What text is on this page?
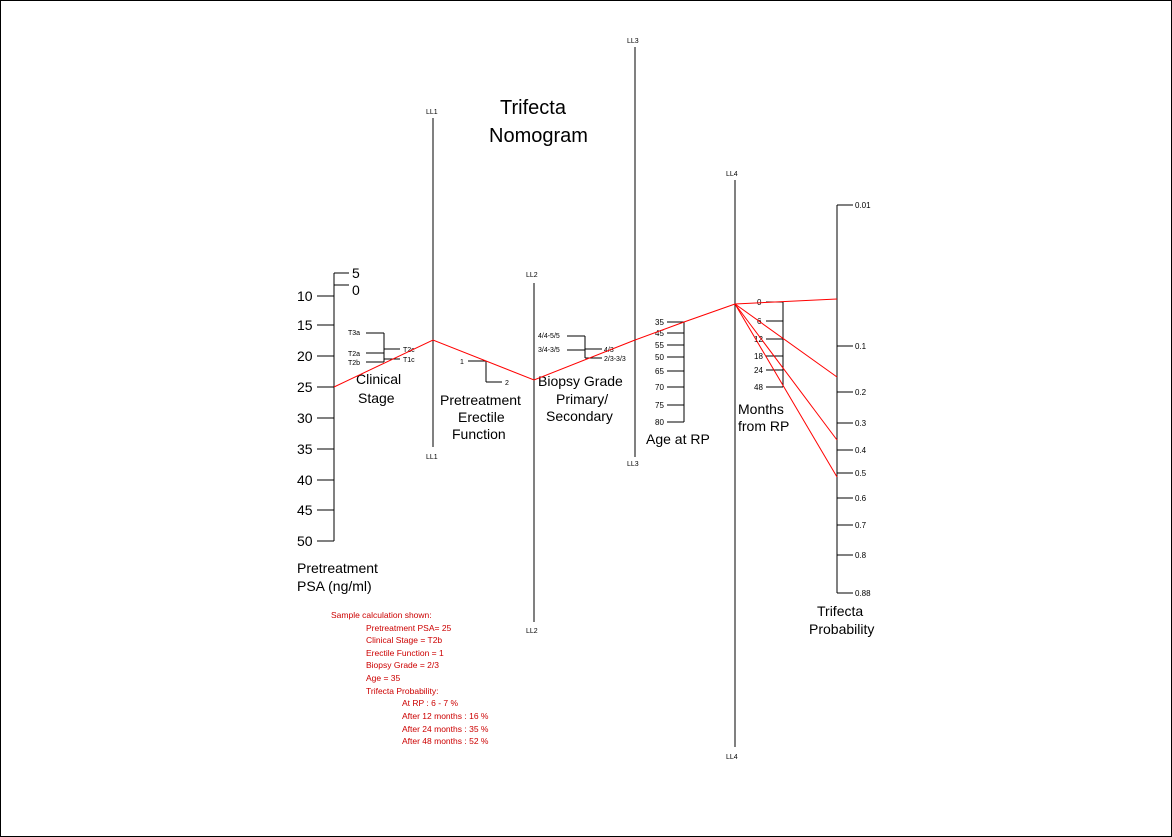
Trifecta
Nomogram
5
0
10
15
20
25
30
35
40
45
50
Pretreatment
PSA (ng/ml)
T3a
T2a
T2b
T2c
T1c
Clinical
Stage
LL1
LL1
1
2
Pretreatment
Erectile
Function
LL2
LL2
4/4-5/5
3/4-3/5	4/3
2/3-3/3
Biopsy Grade
Primary/
Secondary
LL3
LL3
35
45
55
50
65
70
75
80
Age at RP
LL4
LL4
0
6
12
18
24
48
Months
from RP
0.01
0.1
0.2
0.3
0.4
0.5
0.6
0.7
0.8
0.88
Trifecta
Probability
Sample calculation shown:
Pretreatment PSA= 25
Clinical Stage = T2b
Erectile Function = 1
Biopsy Grade = 2/3
Age = 35
Trifecta Probability:
At RP : 6 - 7 %
After 12 months : 16 %
After 24 months : 35 %
After 48 months : 52 %
